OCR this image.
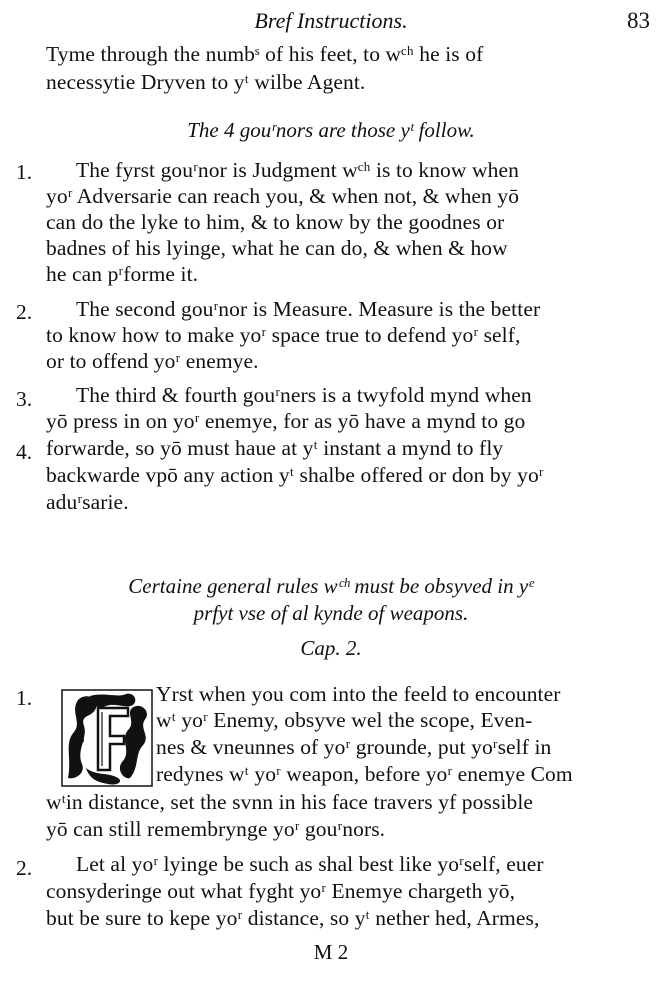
Bref Instructions.	83
Tyme through the numbˢ of his feet, to wᶜʰ he is of
necessytie Dryven to yᵗ wilbe Agent.
The 4 gouʳnors are those yᵗ follow.
1. The fyrst gouʳnor is Judgment wᶜʰ is to know when
yoʳ Adversarie can reach you, & when not, & when yō
can do the lyke to him, & to know by the goodnes or
badnes of his lyinge, what he can do, & when & how
he can pʳforme it.
2. The second gouʳnor is Measure. Measure is the better
to know how to make yoʳ space true to defend yoʳ self,
or to offend yoʳ enemye.
3.
4.
The third & fourth gouʳners is a twyfold mynd when
yō press in on yoʳ enemye, for as yō have a mynd to go
forwarde, so yō must haue at yᵗ instant a mynd to fly
backwarde vpō any action yᵗ shalbe offered or don by yoʳ
aduʳsarie.
Certaine general rules wᶜʰ must be obsyved in yᵉ
prfyt vse of al kynde of weapons.
Cap. 2.
1.	Yrst when you com into the feeld to encounter
wᵗ yoʳ Enemy, obsyve wel the scope, Even-
nes & vneunnes of yoʳ grounde, put yoʳself in
redynes wᵗ yoʳ weapon, before yoʳ enemye Com
wᵗin distance, set the svnn in his face travers yf possible
yō can still remembrynge yoʳ gouʳnors.
2. Let al yoʳ lyinge be such as shal best like yoʳself, euer
consyderinge out what fyght yoʳ Enemye chargeth yō,
but be sure to kepe yoʳ distance, so yᵗ nether hed, Armes,
M 2
